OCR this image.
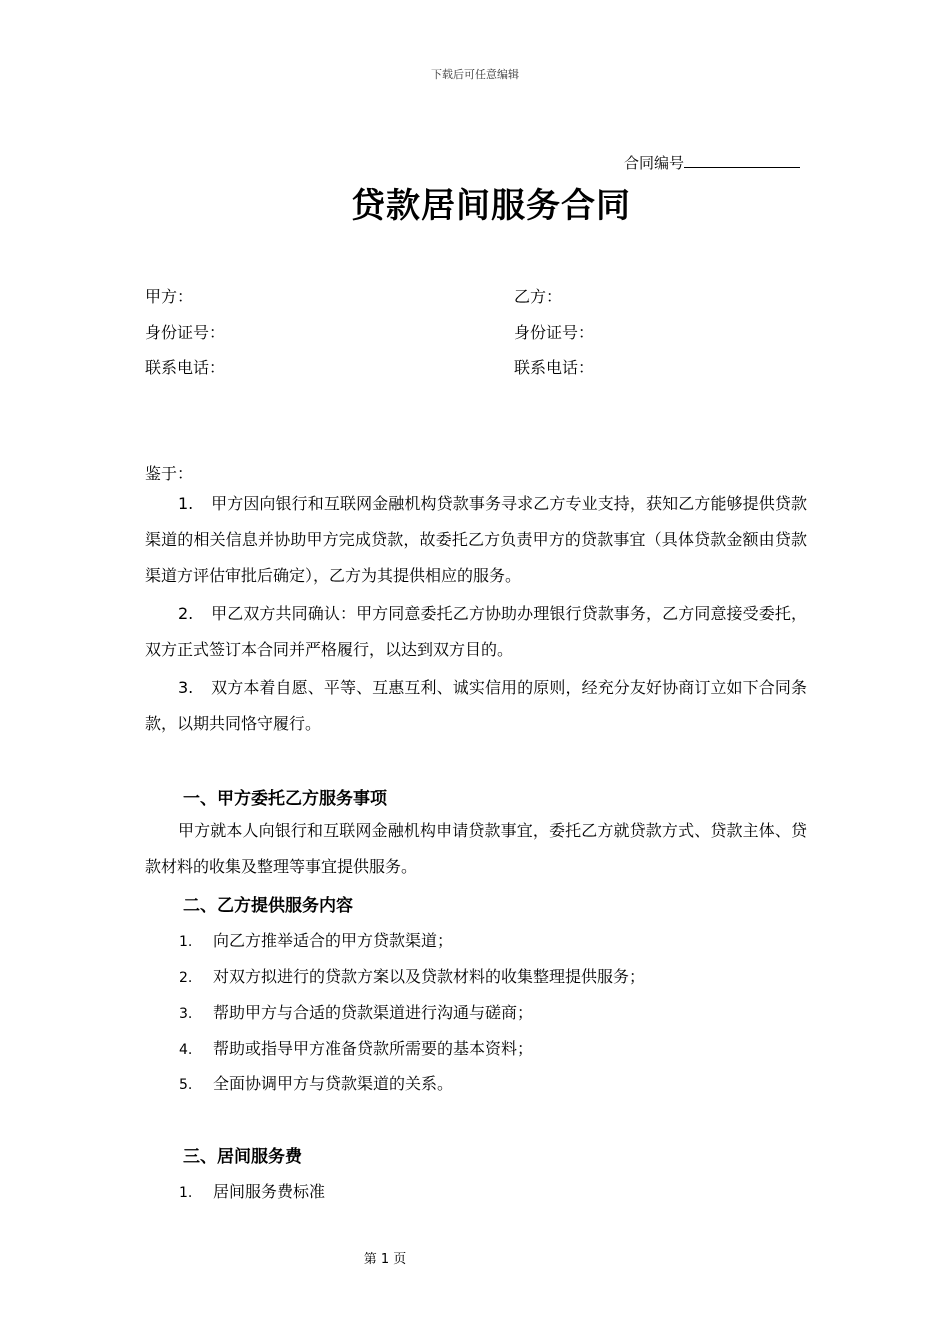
下载后可任意编辑
合同编号
贷款居间服务合同
甲方：	乙方：
身份证号：	身份证号：
联系电话：	联系电话：
鉴于：
1. 甲方因向银行和互联网金融机构贷款事务寻求乙方专业支持，获知乙方能够提供贷款渠道的相关信息并协助甲方完成贷款，故委托乙方负责甲方的贷款事宜（具体贷款金额由贷款渠道方评估审批后确定），乙方为其提供相应的服务。
2. 甲乙双方共同确认：甲方同意委托乙方协助办理银行贷款事务，乙方同意接受委托，双方正式签订本合同并严格履行，以达到双方目的。
3. 双方本着自愿、平等、互惠互利、诚实信用的原则，经充分友好协商订立如下合同条款，以期共同恪守履行。
一、甲方委托乙方服务事项
甲方就本人向银行和互联网金融机构申请贷款事宜，委托乙方就贷款方式、贷款主体、贷款材料的收集及整理等事宜提供服务。
二、乙方提供服务内容
1. 向乙方推举适合的甲方贷款渠道；
2. 对双方拟进行的贷款方案以及贷款材料的收集整理提供服务；
3. 帮助甲方与合适的贷款渠道进行沟通与磋商；
4. 帮助或指导甲方准备贷款所需要的基本资料；
5. 全面协调甲方与贷款渠道的关系。
三、居间服务费
1. 居间服务费标准
第 1 页
